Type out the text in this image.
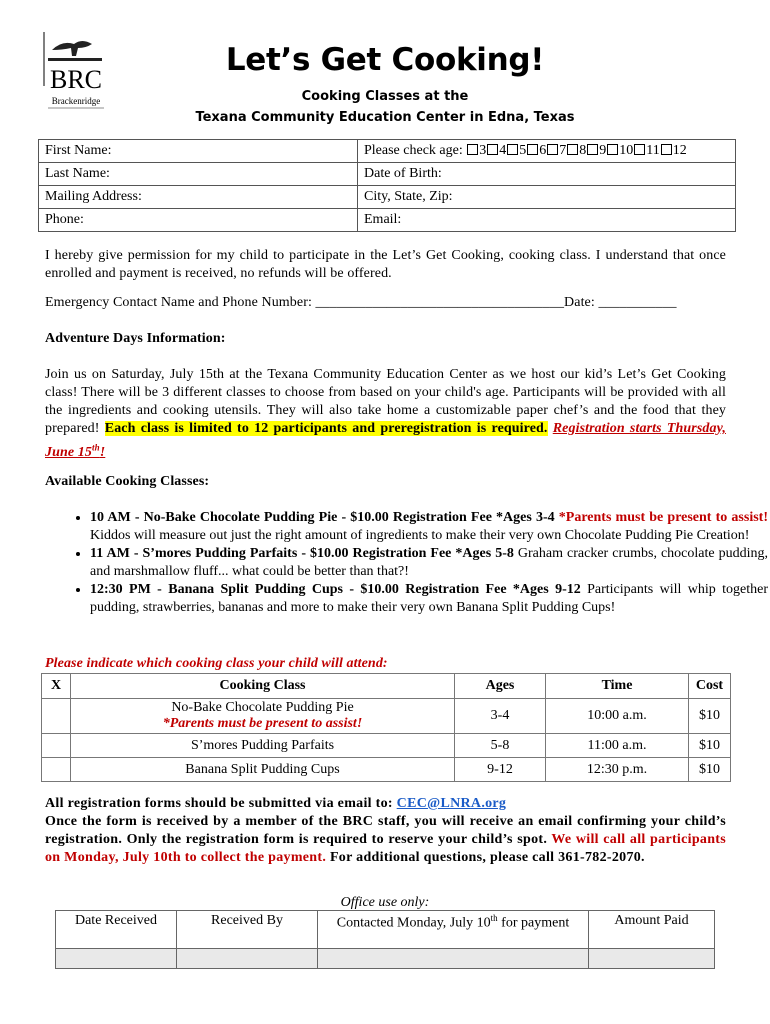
BRC
Brackenridge
Let’s Get Cooking!
Cooking Classes at the
Texana Community Education Center in Edna, Texas
First Name:	Please check age: 3 4 5 6 7 8 9 10 11 12
Last Name:	Date of Birth:
Mailing Address:	City, State, Zip:
Phone:	Email:
I hereby give permission for my child to participate in the Let’s Get Cooking, cooking class. I understand that once enrolled and payment is received, no refunds will be offered.
Emergency Contact Name and Phone Number: ___________________________________Date: ___________
Adventure Days Information:
Join us on Saturday, July 15th at the Texana Community Education Center as we host our kid’s Let’s Get Cooking class! There will be 3 different classes to choose from based on your child's age. Participants will be provided with all the ingredients and cooking utensils. They will also take home a customizable paper chef’s and the food that they prepared! Each class is limited to 12 participants and preregistration is required. Registration starts Thursday, June 15th!
Available Cooking Classes:
• 10 AM - No-Bake Chocolate Pudding Pie - $10.00 Registration Fee *Ages 3-4 *Parents must be present to assist! Kiddos will measure out just the right amount of ingredients to make their very own Chocolate Pudding Pie Creation!
• 11 AM - S’mores Pudding Parfaits - $10.00 Registration Fee *Ages 5-8 Graham cracker crumbs, chocolate pudding, and marshmallow fluff... what could be better than that?!
• 12:30 PM - Banana Split Pudding Cups - $10.00 Registration Fee *Ages 9-12 Participants will whip together pudding, strawberries, bananas and more to make their very own Banana Split Pudding Cups!
Please indicate which cooking class your child will attend:
X	Cooking Class	Ages	Time	Cost

	No-Bake Chocolate Pudding Pie
*Parents must be present to assist!	3-4	10:00 a.m.	$10
	S’mores Pudding Parfaits	5-8	11:00 a.m.	$10
	Banana Split Pudding Cups	9-12	12:30 p.m.	$10
All registration forms should be submitted via email to: CEC@LNRA.org
Once the form is received by a member of the BRC staff, you will receive an email confirming your child’s registration. Only the registration form is required to reserve your child’s spot. We will call all participants on Monday, July 10th to collect the payment. For additional questions, please call 361-782-2070.
Office use only:
Date Received	Received By	Contacted Monday, July 10th for payment	Amount Paid
